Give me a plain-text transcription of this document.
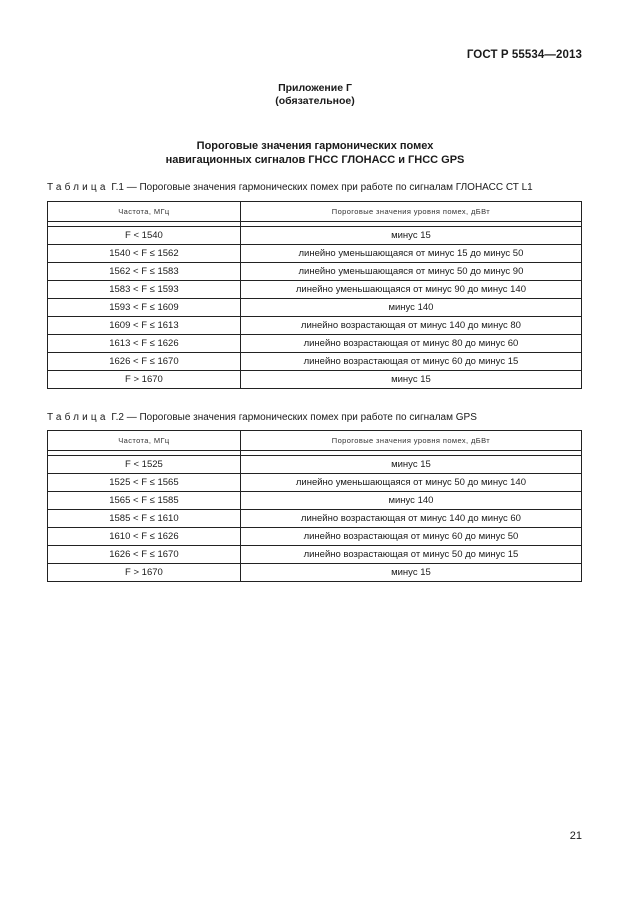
ГОСТ Р 55534—2013
Приложение Г
(обязательное)
Пороговые значения гармонических помех
навигационных сигналов ГНСС ГЛОНАСС и ГНСС GPS
Таблица Г.1 — Пороговые значения гармонических помех при работе по сигналам ГЛОНАСС СТ L1
Частота, МГц	Пороговые значения уровня помех, дБВт

F < 1540	минус 15
1540 < F ≤ 1562	линейно уменьшающаяся от минус 15 до минус 50
1562 < F ≤ 1583	линейно уменьшающаяся от минус 50 до минус 90
1583 < F ≤ 1593	линейно уменьшающаяся от минус 90 до минус 140
1593 < F ≤ 1609	минус 140
1609 < F ≤ 1613	линейно возрастающая от минус 140 до минус 80
1613 < F ≤ 1626	линейно возрастающая от минус 80 до минус 60
1626 < F ≤ 1670	линейно возрастающая от минус 60 до минус 15
F > 1670	минус 15
Таблица Г.2 — Пороговые значения гармонических помех при работе по сигналам GPS
Частота, МГц	Пороговые значения уровня помех, дБВт

F < 1525	минус 15
1525 < F ≤ 1565	линейно уменьшающаяся от минус 50 до минус 140
1565 < F ≤ 1585	минус 140
1585 < F ≤ 1610	линейно возрастающая от минус 140 до минус 60
1610 < F ≤ 1626	линейно возрастающая от минус 60 до минус 50
1626 < F ≤ 1670	линейно возрастающая от минус 50 до минус 15
F > 1670	минус 15
21
